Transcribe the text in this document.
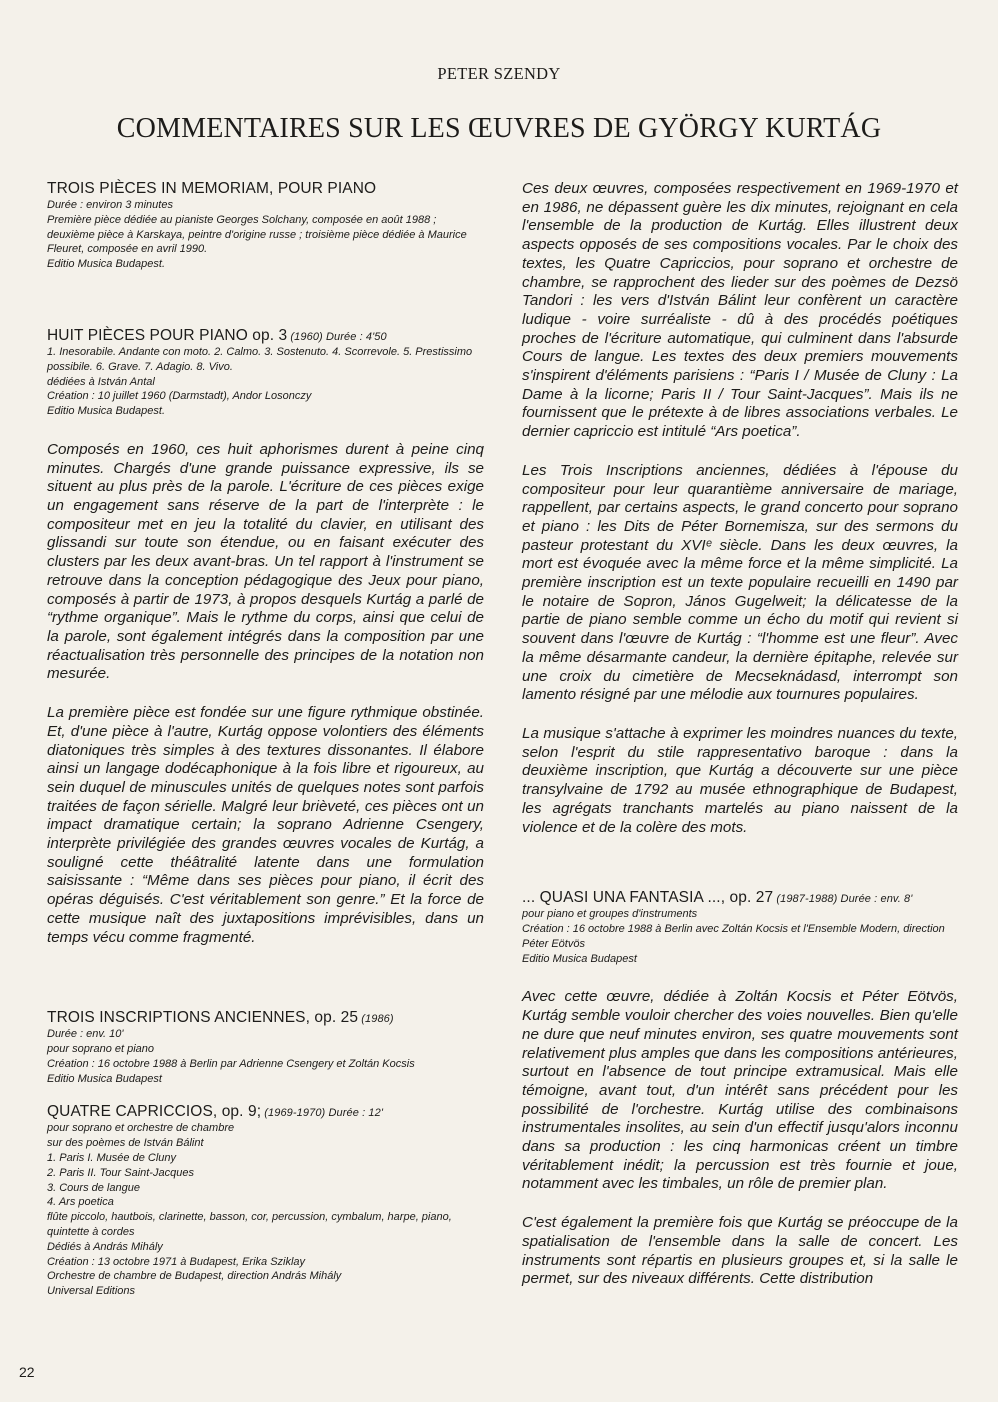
PETER SZENDY
COMMENTAIRES SUR LES ŒUVRES DE GYÖRGY KURTÁG

TROIS PIÈCES IN MEMORIAM, POUR PIANO

Durée : environ 3 minutes

Première pièce dédiée au pianiste Georges Solchany, composée en août 1988 ; deuxième pièce à Karskaya, peintre d'origine russe ; troisième pièce dédiée à Maurice Fleuret, composée en avril 1990.

Editio Musica Budapest.

HUIT PIÈCES POUR PIANO op. 3 (1960) Durée : 4'50

1. Inesorabile. Andante con moto. 2. Calmo. 3. Sostenuto. 4. Scorrevole. 5. Prestissimo possibile. 6. Grave. 7. Adagio. 8. Vivo.

dédiées à István Antal

Création : 10 juillet 1960 (Darmstadt), Andor Losonczy

Editio Musica Budapest.

Composés en 1960, ces huit aphorismes durent à peine cinq minutes. Chargés d'une grande puissance expressive, ils se situent au plus près de la parole. L'écriture de ces pièces exige un engagement sans réserve de la part de l'interprète : le compositeur met en jeu la totalité du clavier, en utilisant des glissandi sur toute son étendue, ou en faisant exécuter des clusters par les deux avant-bras. Un tel rapport à l'instrument se retrouve dans la conception pédagogique des Jeux pour piano, composés à partir de 1973, à propos desquels Kurtág a parlé de “rythme organique”. Mais le rythme du corps, ainsi que celui de la parole, sont également intégrés dans la composition par une réactualisation très personnelle des principes de la notation non mesurée.

La première pièce est fondée sur une figure rythmique obstinée. Et, d'une pièce à l'autre, Kurtág oppose volontiers des éléments diatoniques très simples à des textures dissonantes. Il élabore ainsi un langage dodécaphonique à la fois libre et rigoureux, au sein duquel de minuscules unités de quelques notes sont parfois traitées de façon sérielle. Malgré leur brièveté, ces pièces ont un impact dramatique certain; la soprano Adrienne Csengery, interprète privilégiée des grandes œuvres vocales de Kurtág, a souligné cette théâtralité latente dans une formulation saisissante : “Même dans ses pièces pour piano, il écrit des opéras déguisés. C'est véritablement son genre.” Et la force de cette musique naît des juxtapositions imprévisibles, dans un temps vécu comme fragmenté.

TROIS INSCRIPTIONS ANCIENNES, op. 25 (1986)

Durée : env. 10'

pour soprano et piano

Création : 16 octobre 1988 à Berlin par Adrienne Csengery et Zoltán Kocsis

Editio Musica Budapest

QUATRE CAPRICCIOS, op. 9; (1969-1970) Durée : 12'

pour soprano et orchestre de chambre

sur des poèmes de István Bálint

1. Paris I. Musée de Cluny

2. Paris II. Tour Saint-Jacques

3. Cours de langue

4. Ars poetica

flûte piccolo, hautbois, clarinette, basson, cor, percussion, cymbalum, harpe, piano, quintette à cordes

Dédiés à András Mihály

Création : 13 octobre 1971 à Budapest, Erika Sziklay

Orchestre de chambre de Budapest, direction András Mihály

Universal Editions

Ces deux œuvres, composées respectivement en 1969-1970 et en 1986, ne dépassent guère les dix minutes, rejoignant en cela l'ensemble de la production de Kurtág. Elles illustrent deux aspects opposés de ses compositions vocales. Par le choix des textes, les Quatre Capriccios, pour soprano et orchestre de chambre, se rapprochent des lieder sur des poèmes de Dezsö Tandori : les vers d'István Bálint leur confèrent un caractère ludique - voire surréaliste - dû à des procédés poétiques proches de l'écriture automatique, qui culminent dans l'absurde Cours de langue. Les textes des deux premiers mouvements s'inspirent d'éléments parisiens : “Paris I / Musée de Cluny : La Dame à la licorne; Paris II / Tour Saint-Jacques”. Mais ils ne fournissent que le prétexte à de libres associations verbales. Le dernier capriccio est intitulé “Ars poetica”.

Les Trois Inscriptions anciennes, dédiées à l'épouse du compositeur pour leur quarantième anniversaire de mariage, rappellent, par certains aspects, le grand concerto pour soprano et piano : les Dits de Péter Bornemisza, sur des sermons du pasteur protestant du XVIᵉ siècle. Dans les deux œuvres, la mort est évoquée avec la même force et la même simplicité. La première inscription est un texte populaire recueilli en 1490 par le notaire de Sopron, János Gugelweit; la délicatesse de la partie de piano semble comme un écho du motif qui revient si souvent dans l'œuvre de Kurtág : “l'homme est une fleur”. Avec la même désarmante candeur, la dernière épitaphe, relevée sur une croix du cimetière de Mecseknádasd, interrompt son lamento résigné par une mélodie aux tournures populaires.

La musique s'attache à exprimer les moindres nuances du texte, selon l'esprit du stile rappresentativo baroque : dans la deuxième inscription, que Kurtág a découverte sur une pièce transylvaine de 1792 au musée ethnographique de Budapest, les agrégats tranchants martelés au piano naissent de la violence et de la colère des mots.

... QUASI UNA FANTASIA ..., op. 27 (1987-1988) Durée : env. 8'

pour piano et groupes d'instruments

Création : 16 octobre 1988 à Berlin avec Zoltán Kocsis et l'Ensemble Modern, direction Péter Eötvös

Editio Musica Budapest

Avec cette œuvre, dédiée à Zoltán Kocsis et Péter Eötvös, Kurtág semble vouloir chercher des voies nouvelles. Bien qu'elle ne dure que neuf minutes environ, ses quatre mouvements sont relativement plus amples que dans les compositions antérieures, surtout en l'absence de tout principe extramusical. Mais elle témoigne, avant tout, d'un intérêt sans précédent pour les possibilité de l'orchestre. Kurtág utilise des combinaisons instrumentales insolites, au sein d'un effectif jusqu'alors inconnu dans sa production : les cinq harmonicas créent un timbre véritablement inédit; la percussion est très fournie et joue, notamment avec les timbales, un rôle de premier plan.

C'est également la première fois que Kurtág se préoccupe de la spatialisation de l'ensemble dans la salle de concert. Les instruments sont répartis en plusieurs groupes et, si la salle le permet, sur des niveaux différents. Cette distribution

22
